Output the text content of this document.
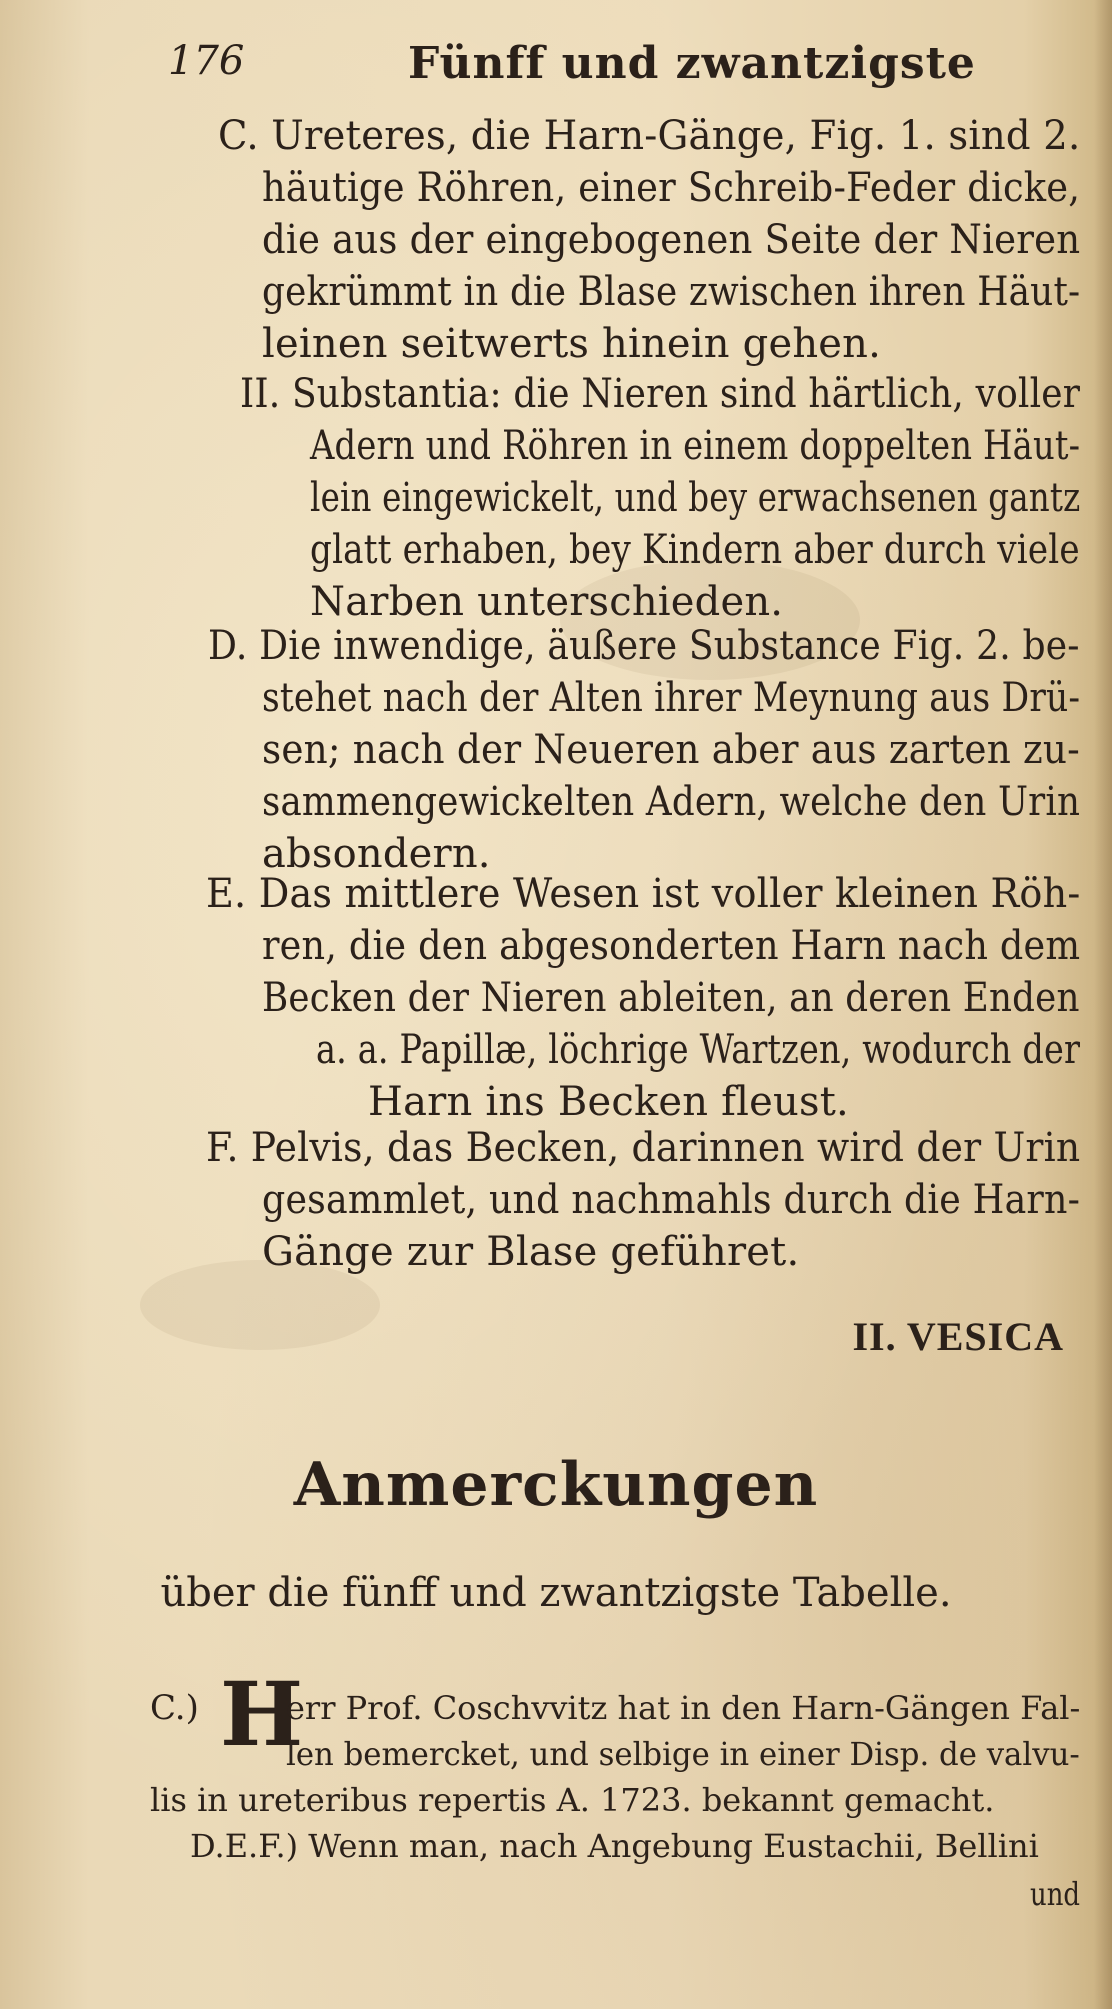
176	Fünff und zwantzigste
C. Ureteres, die Harn-Gänge, Fig. 1. sind 2.
häutige Röhren, einer Schreib-Feder dicke,
die aus der eingebogenen Seite der Nieren
gekrümmt in die Blase zwischen ihren Häut-
leinen seitwerts hinein gehen.
II. Substantia: die Nieren sind härtlich, voller
Adern und Röhren in einem doppelten Häut-
lein eingewickelt, und bey erwachsenen gantz
glatt erhaben, bey Kindern aber durch viele
Narben unterschieden.
D. Die inwendige, äußere Substance Fig. 2. be-
stehet nach der Alten ihrer Meynung aus Drü-
sen; nach der Neueren aber aus zarten zu-
sammengewickelten Adern, welche den Urin
absondern.
E. Das mittlere Wesen ist voller kleinen Röh-
ren, die den abgesonderten Harn nach dem
Becken der Nieren ableiten, an deren Enden
a. a. Papillæ, löchrige Wartzen, wodurch der
Harn ins Becken fleust.
F. Pelvis, das Becken, darinnen wird der Urin
gesammlet, und nachmahls durch die Harn-
Gänge zur Blase geführet.
II. VESICA
Anmerckungen
über die fünff und zwantzigste Tabelle.
C.) H
err Prof. Coschvvitz hat in den Harn-Gängen Fal-
len bemercket, und selbige in einer Disp. de valvu-
lis in ureteribus repertis A. 1723. bekannt gemacht.
D.E.F.) Wenn man, nach Angebung Eustachii, Bellini
und
